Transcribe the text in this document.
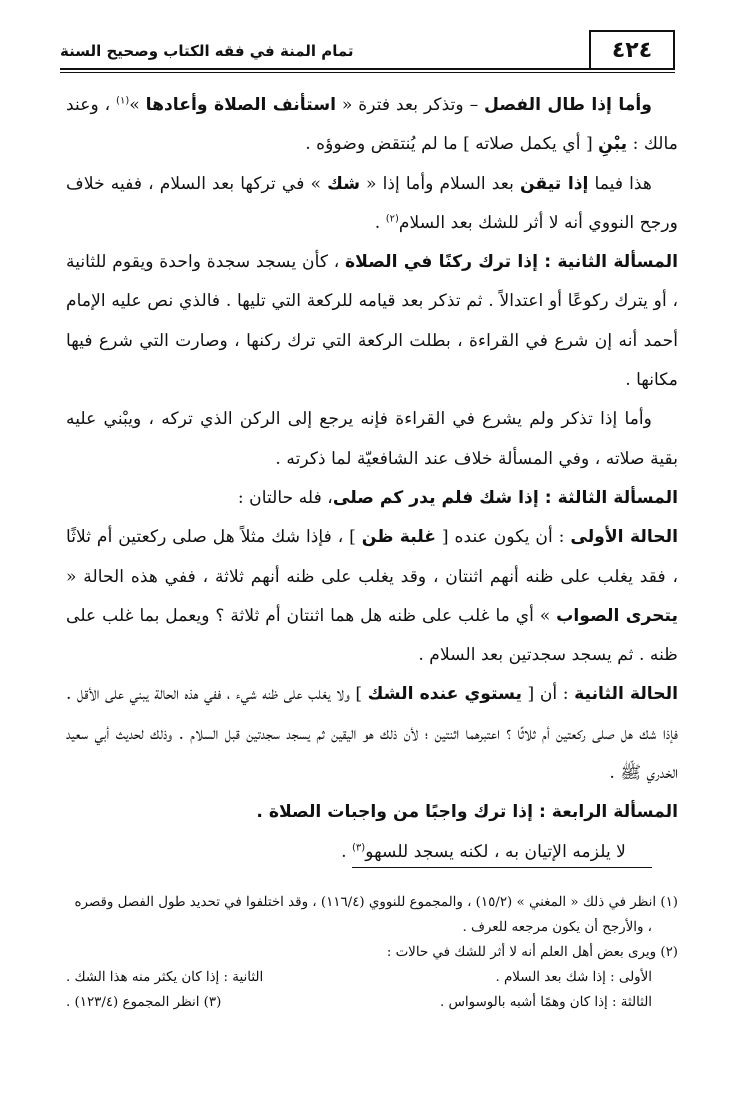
٤٢٤
تمام المنة في فقه الكتاب وصحيح السنة

وأما إذا طال الفصل – وتذكر بعد فترة « استأنف الصلاة وأعادها »$^{(١)}$ ، وعند مالك : يبْنِ [ أي يكمل صلاته ] ما لم يُنتقض وضوؤه .

هذا فيما إذا تيقن بعد السلام وأما إذا « شك » في تركها بعد السلام ، ففيه خلاف ورجح النووي أنه لا أثر للشك بعد السلام$^{(٢)}$ .

المسألة الثانية : إذا ترك ركنًا في الصلاة ، كأن يسجد سجدة واحدة ويقوم للثانية ، أو يترك ركوعًا أو اعتدالاً . ثم تذكر بعد قيامه للركعة التي تليها . فالذي نص عليه الإمام أحمد أنه إن شرع في القراءة ، بطلت الركعة التي ترك ركنها ، وصارت التي شرع فيها مكانها .

وأما إذا تذكر ولم يشرع في القراءة فإنه يرجع إلى الركن الذي تركه ، ويبْني عليه بقية صلاته ، وفي المسألة خلاف عند الشافعيّة لما ذكرته .

المسألة الثالثة : إذا شك فلم يدر كم صلى، فله حالتان :

الحالة الأولى : أن يكون عنده [ غلبة ظن ] ، فإذا شك مثلاً هل صلى ركعتين أم ثلاثًا ، فقد يغلب على ظنه أنهم اثنتان ، وقد يغلب على ظنه أنهم ثلاثة ، ففي هذه الحالة « يتحرى الصواب » أي ما غلب على ظنه هل هما اثنتان أم ثلاثة ؟ ويعمل بما غلب على ظنه . ثم يسجد سجدتين بعد السلام .

الحالة الثانية : أن [ يستوي عنده الشك ] ولا يغلب على ظنه شيء ، ففي هذه الحالة يبني على الأقل . فإذا شك هل صلى ركعتين أم ثلاثًا ؟ اعتبرهما اثنتين ؛ لأن ذلك هو اليقين ثم يسجد سجدتين قبل السلام . وذلك لحديث أبي سعيد الخدري ﷺ .

المسألة الرابعة : إذا ترك واجبًا من واجبات الصلاة .

لا يلزمه الإتيان به ، لكنه يسجد للسهو$^{(٣)}$ .

(١) انظر في ذلك « المغني » (١٥/٢) ، والمجموع للنووي (١١٦/٤) ، وقد اختلفوا في تحديد طول الفصل وقصره ، والأرجح أن يكون مرجعه للعرف .

(٢) ويرى بعض أهل العلم أنه لا أثر للشك في حالات :

الأولى : إذا شك بعد السلام .
الثانية : إذا كان يكثر منه هذا الشك .
الثالثة : إذا كان وهمًا أشبه بالوسواس .
(٣) انظر المجموع (١٢٣/٤) .
